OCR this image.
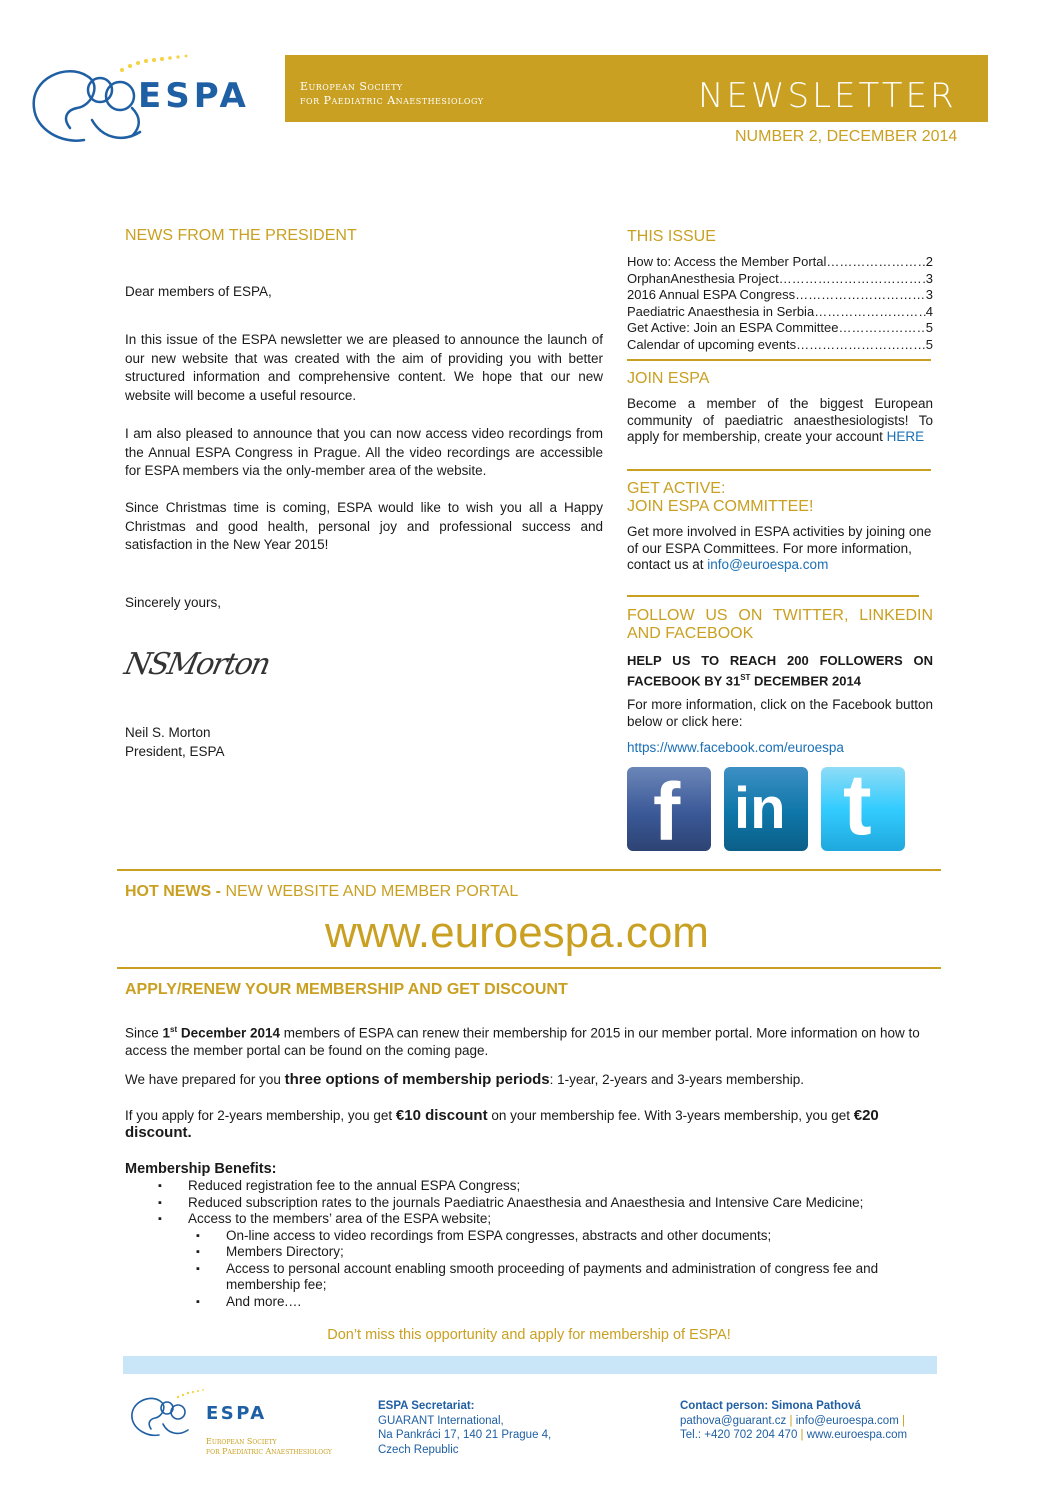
ESPA	European Society
for Paediatric Anaesthesiology	NEWSLETTER
NUMBER 2, DECEMBER 2014
NEWS FROM THE PRESIDENT
Dear members of ESPA,
In this issue of the ESPA newsletter we are pleased to announce the launch of our new website that was created with the aim of providing you with better structured information and comprehensive content. We hope that our new website will become a useful resource.
I am also pleased to announce that you can now access video recordings from the Annual ESPA Congress in Prague. All the video recordings are accessible for ESPA members via the only-member area of the website.
Since Christmas time is coming, ESPA would like to wish you all a Happy Christmas and good health, personal joy and professional success and satisfaction in the New Year 2015!
Sincerely yours,
NSMorton
Neil S. Morton
President, ESPA
THIS ISSUE
How to: Access the Member Portal ……………………………………………………………	2
OrphanAnesthesia Project ……………………………………………………………	3
2016 Annual ESPA Congress ……………………………………………………………	3
Paediatric Anaesthesia in Serbia ……………………………………………………………	4
Get Active: Join an ESPA Committee ……………………………………………………………	5
Calendar of upcoming events ……………………………………………………………	5
JOIN ESPA
Become a member of the biggest European community of paediatric anaesthesiologists! To apply for membership, create your account HERE
GET ACTIVE:
JOIN ESPA COMMITTEE!
Get more involved in ESPA activities by joining one of our ESPA Committees. For more information, contact us at info@euroespa.com
FOLLOW US ON TWITTER, LINKEDIN AND FACEBOOK
HELP US TO REACH 200 FOLLOWERS ON FACEBOOK BY 31ST DECEMBER 2014
For more information, click on the Facebook button below or click here:
https://www.facebook.com/euroespa
f in t
HOT NEWS - NEW WEBSITE AND MEMBER PORTAL
www.euroespa.com
APPLY/RENEW YOUR MEMBERSHIP AND GET DISCOUNT
Since 1st December 2014 members of ESPA can renew their membership for 2015 in our member portal. More information on how to access the member portal can be found on the coming page.
We have prepared for you three options of membership periods: 1-year, 2-years and 3-years membership.
If you apply for 2-years membership, you get €10 discount on your membership fee. With 3-years membership, you get €20 discount.
Membership Benefits:
▪ Reduced registration fee to the annual ESPA Congress;
▪ Reduced subscription rates to the journals Paediatric Anaesthesia and Anaesthesia and Intensive Care Medicine;
▪ Access to the members’ area of the ESPA website;
▪ On-line access to video recordings from ESPA congresses, abstracts and other documents;
▪ Members Directory;
▪ Access to personal account enabling smooth proceeding of payments and administration of congress fee and membership fee;
▪ And more.…
Don’t miss this opportunity and apply for membership of ESPA!
ESPA
European Society
for Paediatric Anaesthesiology
ESPA Secretariat:
GUARANT International,
Na Pankráci 17, 140 21 Prague 4,
Czech Republic
Contact person: Simona Pathová
pathova@guarant.cz | info@euroespa.com |
Tel.: +420 702 204 470 | www.euroespa.com
